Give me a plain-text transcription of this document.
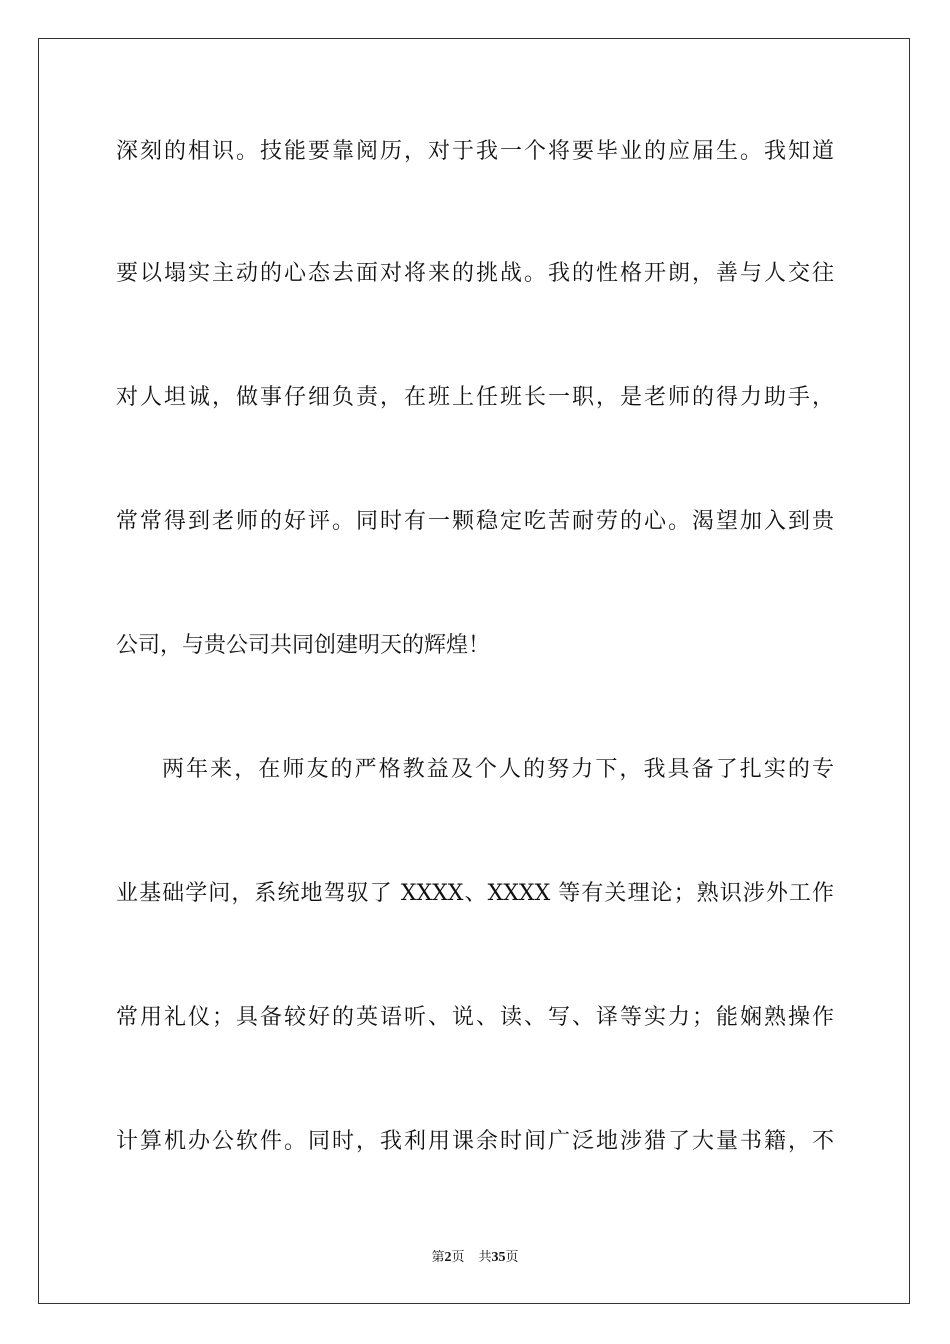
深刻的相识。技能要靠阅历，对于我一个将要毕业的应届生。我知道
要以塌实主动的心态去面对将来的挑战。我的性格开朗，善与人交往
对人坦诚，做事仔细负责，在班上任班长一职，是老师的得力助手，
常常得到老师的好评。同时有一颗稳定吃苦耐劳的心。渴望加入到贵
公司，与贵公司共同创建明天的辉煌！
两年来，在师友的严格教益及个人的努力下，我具备了扎实的专
业基础学问，系统地驾驭了 XXXX、XXXX 等有关理论；熟识涉外工作
常用礼仪；具备较好的英语听、说、读、写、译等实力；能娴熟操作
计算机办公软件。同时，我利用课余时间广泛地涉猎了大量书籍，不
第2页 共35页
